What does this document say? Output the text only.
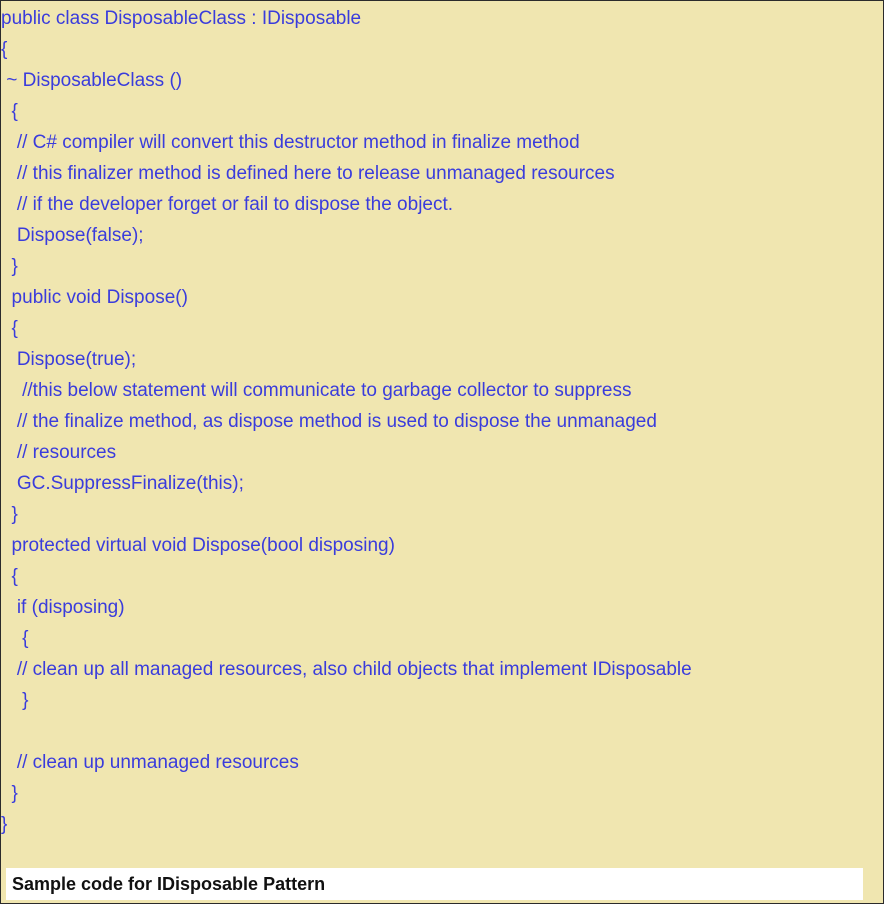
public class DisposableClass : IDisposable
{
~ DisposableClass ()
{
// C# compiler will convert this destructor method in finalize method
// this finalizer method is defined here to release unmanaged resources
// if the developer forget or fail to dispose the object.
Dispose(false);
}
public void Dispose()
{
Dispose(true);
//this below statement will communicate to garbage collector to suppress
// the finalize method, as dispose method is used to dispose the unmanaged
// resources
GC.SuppressFinalize(this);
}
protected virtual void Dispose(bool disposing)
{
if (disposing)
{
// clean up all managed resources, also child objects that implement IDisposable
}
// clean up unmanaged resources
}
}
Sample code for IDisposable Pattern
